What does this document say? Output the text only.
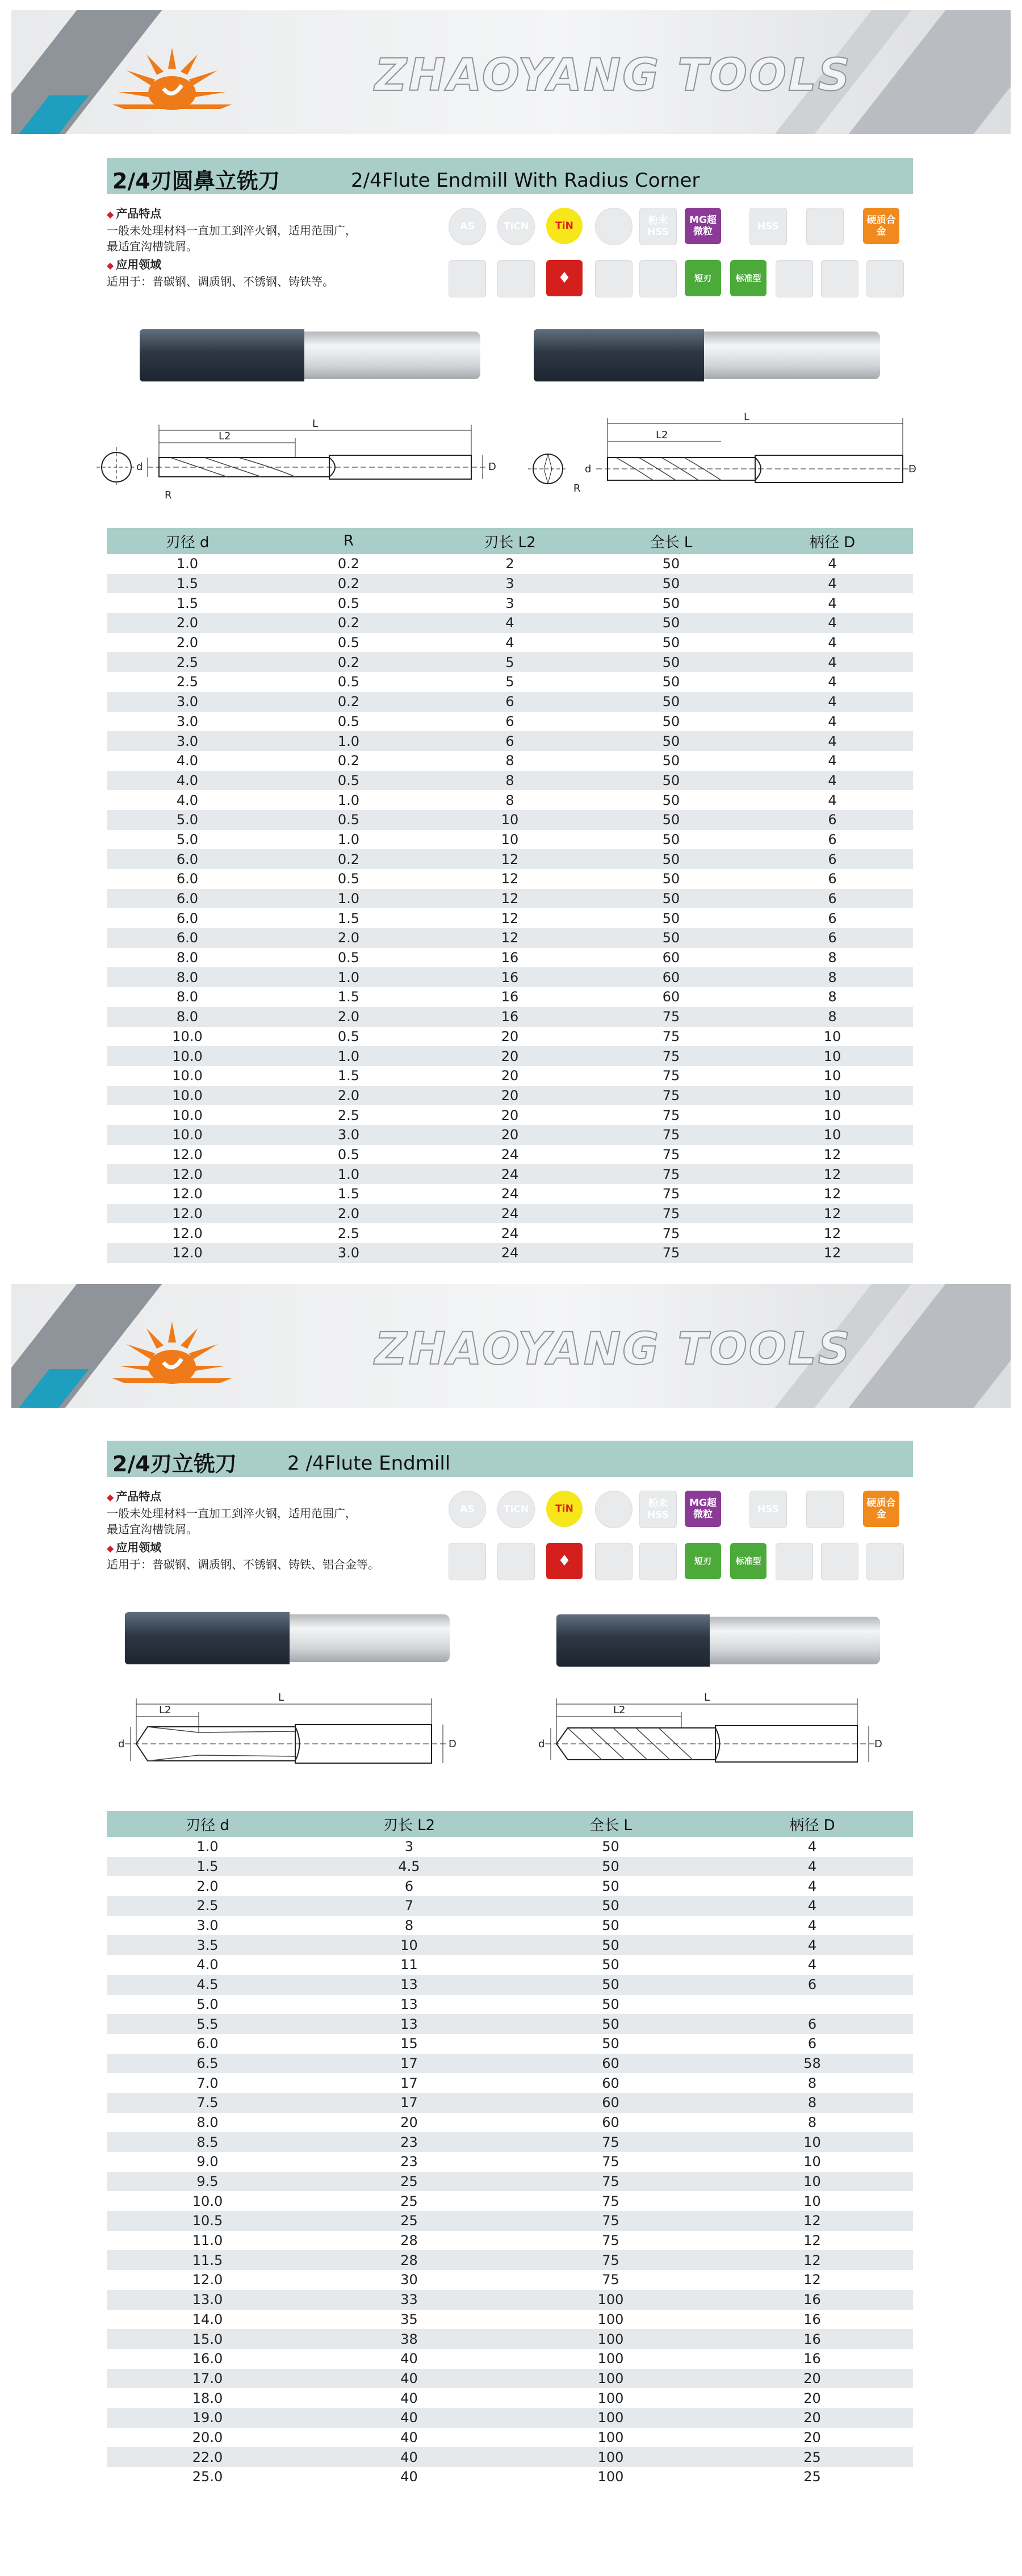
ZHAOYANG TOOLS
2/4刃圆鼻立铣刀	2/4Flute Endmill With Radius Corner
◆ 产品特点
一般未处理材料一直加工到淬火钢，适用范围广，
最适宜沟槽铣屑。
◆ 应用领域
适用于：普碳钢、调质钢、不锈钢、铸铁等。
AS	TiCN	TiN	粉末HSS
MG超微粒	HSS
硬质合金
♦	短刃	标准型
L2
L
d	D
R
L2
L
d	D
R
刃径 d	R	刃长 L2	全长 L	柄径 D
1.0	0.2	2	50	4
1.5	0.2	3	50	4
1.5	0.5	3	50	4
2.0	0.2	4	50	4
2.0	0.5	4	50	4
2.5	0.2	5	50	4
2.5	0.5	5	50	4
3.0	0.2	6	50	4
3.0	0.5	6	50	4
3.0	1.0	6	50	4
4.0	0.2	8	50	4
4.0	0.5	8	50	4
4.0	1.0	8	50	4
5.0	0.5	10	50	6
5.0	1.0	10	50	6
6.0	0.2	12	50	6
6.0	0.5	12	50	6
6.0	1.0	12	50	6
6.0	1.5	12	50	6
6.0	2.0	12	50	6
8.0	0.5	16	60	8
8.0	1.0	16	60	8
8.0	1.5	16	60	8
8.0	2.0	16	75	8
10.0	0.5	20	75	10
10.0	1.0	20	75	10
10.0	1.5	20	75	10
10.0	2.0	20	75	10
10.0	2.5	20	75	10
10.0	3.0	20	75	10
12.0	0.5	24	75	12
12.0	1.0	24	75	12
12.0	1.5	24	75	12
12.0	2.0	24	75	12
12.0	2.5	24	75	12
12.0	3.0	24	75	12
ZHAOYANG TOOLS
2/4刃立铣刀	2 /4Flute Endmill
◆ 产品特点
一般未处理材料一直加工到淬火钢，适用范围广，
最适宜沟槽铣屑。
◆ 应用领域
适用于：普碳钢、调质钢、不锈钢、铸铁、铝合金等。
AS	TiCN	TiN	粉末HSS
MG超微粒	HSS
硬质合金
♦	短刃	标准型
L2
L
d	D
L2
L
d	D
刃径 d	刃长 L2	全长 L	柄径 D
1.0	3	50	4
1.5	4.5	50	4
2.0	6	50	4
2.5	7	50	4
3.0	8	50	4
3.5	10	50	4
4.0	11	50	4
4.5	13	50	6
5.0	13	50	
5.5	13	50	6
6.0	15	50	6
6.5	17	60	58
7.0	17	60	8
7.5	17	60	8
8.0	20	60	8
8.5	23	75	10
9.0	23	75	10
9.5	25	75	10
10.0	25	75	10
10.5	25	75	12
11.0	28	75	12
11.5	28	75	12
12.0	30	75	12
13.0	33	100	16
14.0	35	100	16
15.0	38	100	16
16.0	40	100	16
17.0	40	100	20
18.0	40	100	20
19.0	40	100	20
20.0	40	100	20
22.0	40	100	25
25.0	40	100	25
